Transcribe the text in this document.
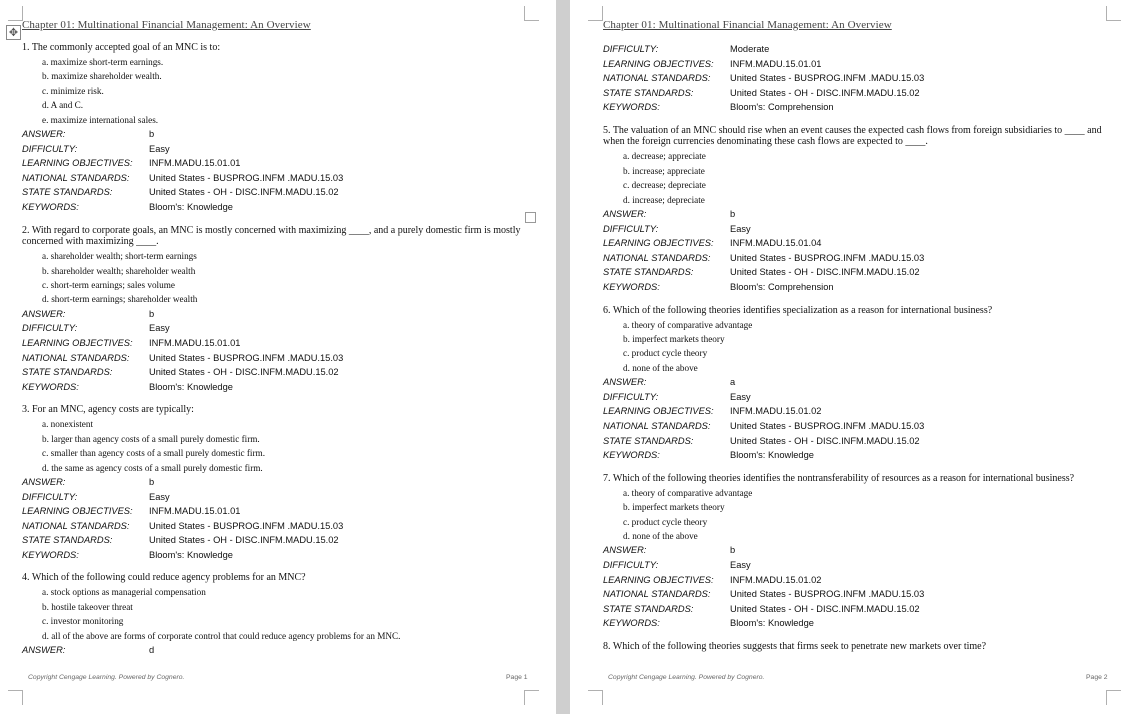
✥
Chapter 01: Multinational Financial Management: An Overview
1. The commonly accepted goal of an MNC is to:
a. maximize short-term earnings.
b. maximize shareholder wealth.
c. minimize risk.
d. A and C.
e. maximize international sales.
ANSWER:	b
DIFFICULTY:	Easy
LEARNING OBJECTIVES:	INFM.MADU.15.01.01
NATIONAL STANDARDS:	United States - BUSPROG.INFM .MADU.15.03
STATE STANDARDS:	United States - OH - DISC.INFM.MADU.15.02
KEYWORDS:	Bloom's: Knowledge
2. With regard to corporate goals, an MNC is mostly concerned with maximizing ____, and a purely domestic firm is mostly concerned with maximizing ____.
a. shareholder wealth; short-term earnings
b. shareholder wealth; shareholder wealth
c. short-term earnings; sales volume
d. short-term earnings; shareholder wealth
ANSWER:	b
DIFFICULTY:	Easy
LEARNING OBJECTIVES:	INFM.MADU.15.01.01
NATIONAL STANDARDS:	United States - BUSPROG.INFM .MADU.15.03
STATE STANDARDS:	United States - OH - DISC.INFM.MADU.15.02
KEYWORDS:	Bloom's: Knowledge
3. For an MNC, agency costs are typically:
a. nonexistent
b. larger than agency costs of a small purely domestic firm.
c. smaller than agency costs of a small purely domestic firm.
d. the same as agency costs of a small purely domestic firm.
ANSWER:	b
DIFFICULTY:	Easy
LEARNING OBJECTIVES:	INFM.MADU.15.01.01
NATIONAL STANDARDS:	United States - BUSPROG.INFM .MADU.15.03
STATE STANDARDS:	United States - OH - DISC.INFM.MADU.15.02
KEYWORDS:	Bloom's: Knowledge
4. Which of the following could reduce agency problems for an MNC?
a. stock options as managerial compensation
b. hostile takeover threat
c. investor monitoring
d. all of the above are forms of corporate control that could reduce agency problems for an MNC.
ANSWER:	d
Copyright Cengage Learning. Powered by Cognero.	Page 1
Chapter 01: Multinational Financial Management: An Overview
DIFFICULTY:	Moderate
LEARNING OBJECTIVES:	INFM.MADU.15.01.01
NATIONAL STANDARDS:	United States - BUSPROG.INFM .MADU.15.03
STATE STANDARDS:	United States - OH - DISC.INFM.MADU.15.02
KEYWORDS:	Bloom's: Comprehension
5. The valuation of an MNC should rise when an event causes the expected cash flows from foreign subsidiaries to ____ and when the foreign currencies denominating these cash flows are expected to ____.
a. decrease; appreciate
b. increase; appreciate
c. decrease; depreciate
d. increase; depreciate
ANSWER:	b
DIFFICULTY:	Easy
LEARNING OBJECTIVES:	INFM.MADU.15.01.04
NATIONAL STANDARDS:	United States - BUSPROG.INFM .MADU.15.03
STATE STANDARDS:	United States - OH - DISC.INFM.MADU.15.02
KEYWORDS:	Bloom's: Comprehension
6. Which of the following theories identifies specialization as a reason for international business?
a. theory of comparative advantage
b. imperfect markets theory
c. product cycle theory
d. none of the above
ANSWER:	a
DIFFICULTY:	Easy
LEARNING OBJECTIVES:	INFM.MADU.15.01.02
NATIONAL STANDARDS:	United States - BUSPROG.INFM .MADU.15.03
STATE STANDARDS:	United States - OH - DISC.INFM.MADU.15.02
KEYWORDS:	Bloom's: Knowledge
7. Which of the following theories identifies the nontransferability of resources as a reason for international business?
a. theory of comparative advantage
b. imperfect markets theory
c. product cycle theory
d. none of the above
ANSWER:	b
DIFFICULTY:	Easy
LEARNING OBJECTIVES:	INFM.MADU.15.01.02
NATIONAL STANDARDS:	United States - BUSPROG.INFM .MADU.15.03
STATE STANDARDS:	United States - OH - DISC.INFM.MADU.15.02
KEYWORDS:	Bloom's: Knowledge
8. Which of the following theories suggests that firms seek to penetrate new markets over time?
Copyright Cengage Learning. Powered by Cognero.	Page 2
